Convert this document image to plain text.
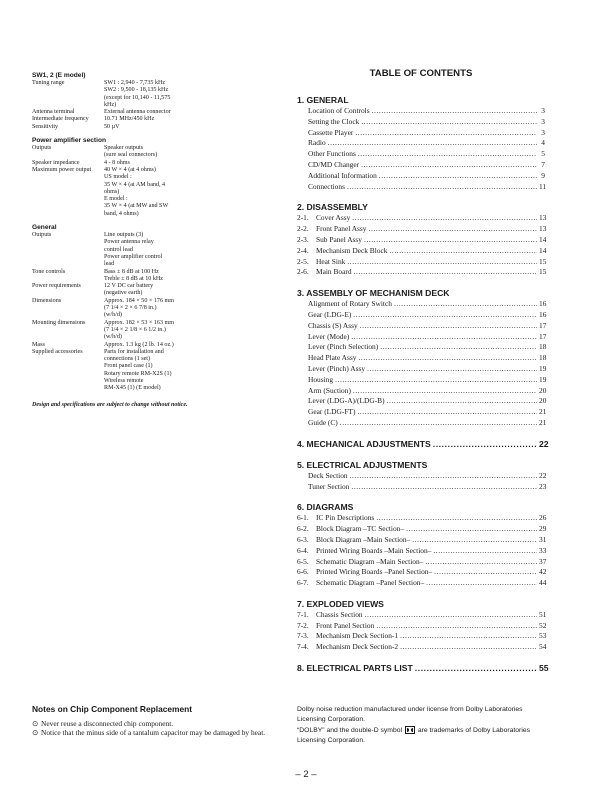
SW1, 2 (E model)

Tuning range	SW1 : 2,940 - 7,735 kHz
SW2 : 9,500 - 18,135 kHz
(except for 10,140 - 11,575
kHz)
Antenna terminal	External antenna connector
Intermediate frequency	10.71 MHz/450 kHz
Sensitivity	50 µV

Power amplifier section

Outputs	Speaker outputs
(sure seal connectors)
Speaker impedance	4 - 8 ohms
Maximum power output	40 W × 4 (at 4 ohms)
US model :
35 W × 4 (at AM band, 4
ohms)
E model :
35 W × 4 (at MW and SW
band, 4 ohms)

General

Outputs	Line outputs (3)
Power antenna relay
control lead
Power amplifier control
lead
Tone controls	Bass ± 8 dB at 100 Hz
Treble ± 8 dB at 10 kHz
Power requirements	12 V DC car battery
(negative earth)
Dimensions	Approx. 184 × 50 × 176 mm
(7 1/4 × 2 × 6 7/8 in.)
(w/h/d)
Mounting dimensions	Approx. 182 × 53 × 163 mm
(7 1/4 × 2 1/8 × 6 1/2 in.)
(w/h/d)
Mass	Approx. 1.3 kg (2 lb. 14 oz.)
Supplied accessories	Parts for installation and
connections (1 set)
Front panel case (1)
Rotary remote RM-X2S (1)
Wireless remote
RM-X45 (1) (E model)
Design and specifications are subject to change without notice.

TABLE OF CONTENTS

1. GENERAL
Location of Controls .....	3
Setting the Clock .....	3
Cassette Player .....	3
Radio .....	4
Other Functions .....	5
CD/MD Changer .....	7
Additional Information .....	9
Connections .....	11
2. DISASSEMBLY
2-1. Cover Assy .....	13
2-2. Front Panel Assy .....	13
2-3. Sub Panel Assy .....	14
2-4. Mechanism Deck Block .....	14
2-5. Heat Sink .....	15
2-6. Main Board .....	15
3. ASSEMBLY OF MECHANISM DECK
Alignment of Rotary Switch .....	16
Gear (LDG-E) .....	16
Chassis (S) Assy .....	17
Lever (Mode) .....	17
Lever (Pinch Selection) .....	18
Head Plate Assy .....	18
Lever (Pinch) Assy .....	19
Housing .....	19
Arm (Suction) .....	20
Lever (LDG-A)/(LDG-B) .....	20
Gear (LDG-FT) .....	21
Guide (C) .....	21
4. MECHANICAL ADJUSTMENTS .....	22
5. ELECTRICAL ADJUSTMENTS
Deck Section .....	22
Tuner Section .....	23
6. DIAGRAMS
6-1. IC Pin Descriptions .....	26
6-2. Block Diagram –TC Section– .....	29
6-3. Block Diagram –Main Section– .....	31
6-4. Printed Wiring Boards –Main Section– .....	33
6-5. Schematic Diagram –Main Section– .....	37
6-6. Printed Wiring Boards –Panel Section– .....	42
6-7. Schematic Diagram –Panel Section– .....	44
7. EXPLODED VIEWS
7-1. Chassis Section .....	51
7-2. Front Panel Section .....	52
7-3. Mechanism Deck Section-1 .....	53
7-4. Mechanism Deck Section-2 .....	54
8. ELECTRICAL PARTS LIST .....	55

Notes on Chip Component Replacement

⊙ Never reuse a disconnected chip component.
⊙ Notice that the minus side of a tantalum capacitor may be damaged by heat.

Dolby noise reduction manufactured under license from Dolby Laboratories Licensing Corporation.

“DOLBY” and the double-D symbol are trademarks of Dolby Laboratories Licensing Corporation.

– 2 –
